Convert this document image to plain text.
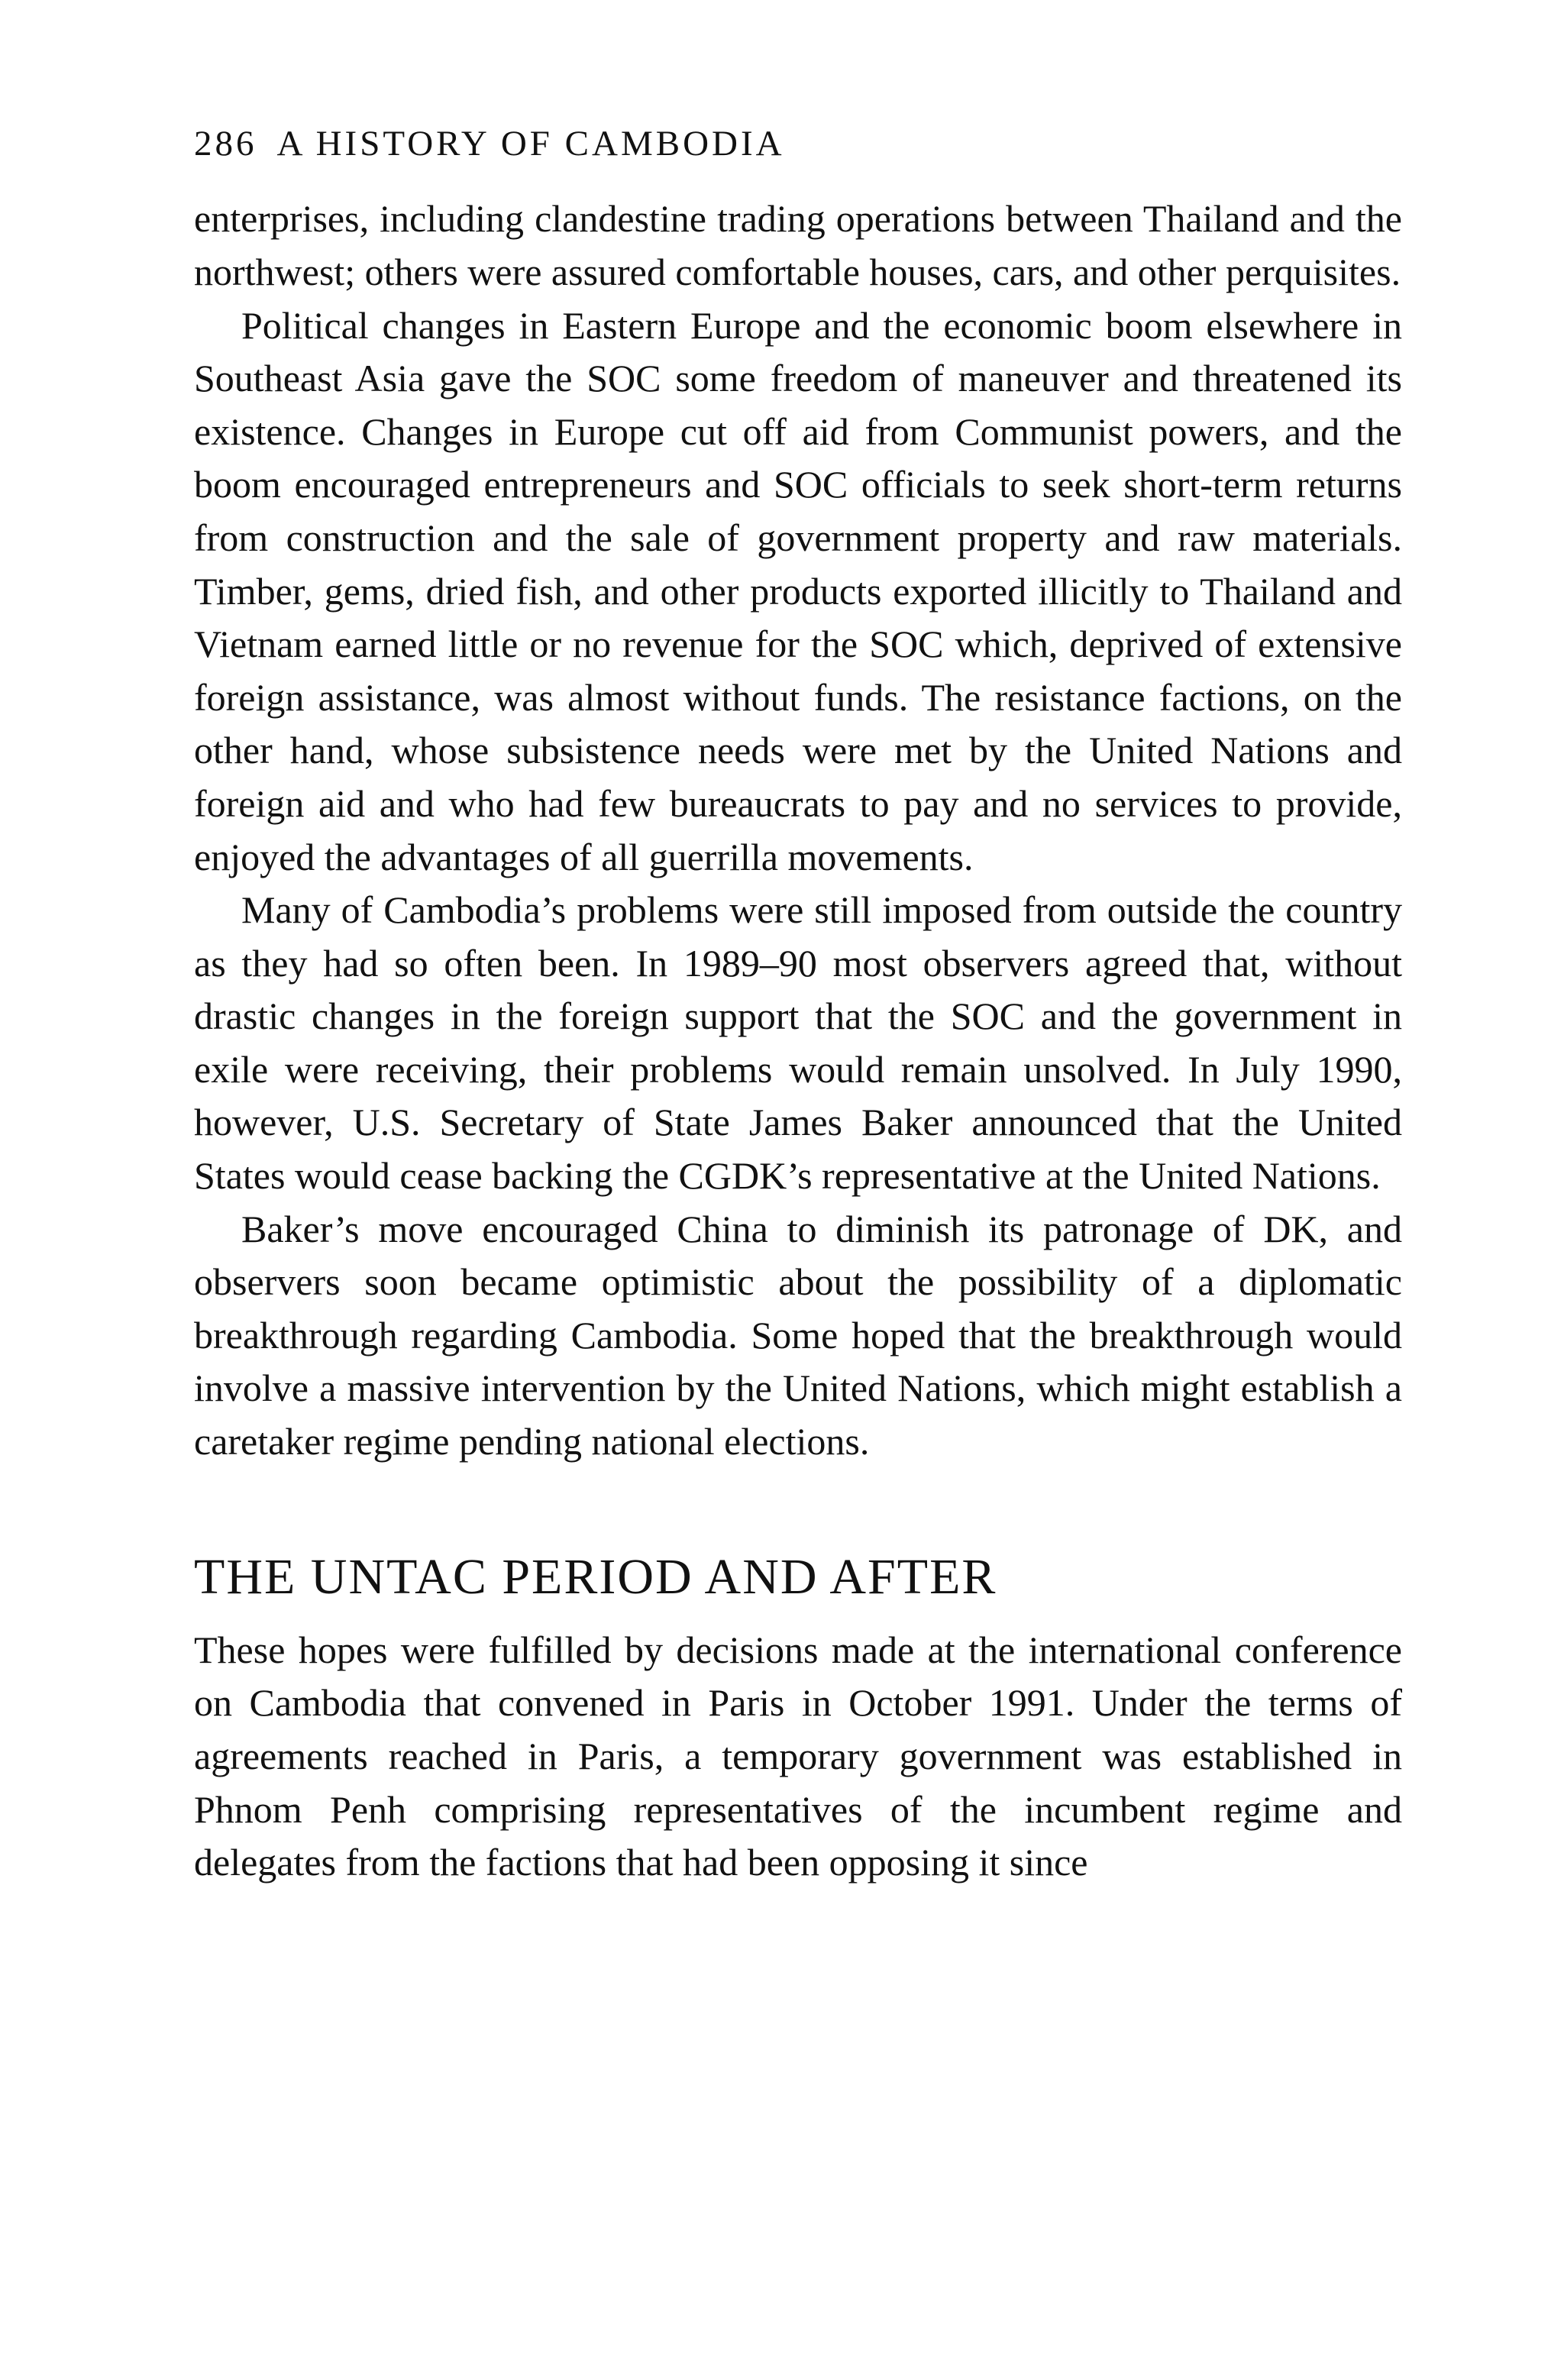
286 A HISTORY OF CAMBODIA

enterprises, including clandestine trading operations between Thailand and the northwest; others were assured comfortable houses, cars, and other perquisites.

Political changes in Eastern Europe and the economic boom elsewhere in Southeast Asia gave the SOC some freedom of maneuver and threatened its existence. Changes in Europe cut off aid from Communist powers, and the boom encouraged entrepreneurs and SOC officials to seek short-term returns from construction and the sale of government property and raw materials. Timber, gems, dried fish, and other products exported illicitly to Thailand and Vietnam earned little or no revenue for the SOC which, deprived of extensive foreign assistance, was almost without funds. The resistance factions, on the other hand, whose subsistence needs were met by the United Nations and foreign aid and who had few bureaucrats to pay and no services to provide, enjoyed the advantages of all guerrilla movements.

Many of Cambodia’s problems were still imposed from outside the country as they had so often been. In 1989–90 most observers agreed that, without drastic changes in the foreign support that the SOC and the government in exile were receiving, their problems would remain unsolved. In July 1990, however, U.S. Secretary of State James Baker announced that the United States would cease backing the CGDK’s representative at the United Nations.

Baker’s move encouraged China to diminish its patronage of DK, and observers soon became optimistic about the possibility of a diplomatic breakthrough regarding Cambodia. Some hoped that the breakthrough would involve a massive intervention by the United Nations, which might establish a caretaker regime pending national elections.

THE UNTAC PERIOD AND AFTER

These hopes were fulfilled by decisions made at the international conference on Cambodia that convened in Paris in October 1991. Under the terms of agreements reached in Paris, a temporary government was established in Phnom Penh comprising representatives of the incumbent regime and delegates from the factions that had been opposing it since
